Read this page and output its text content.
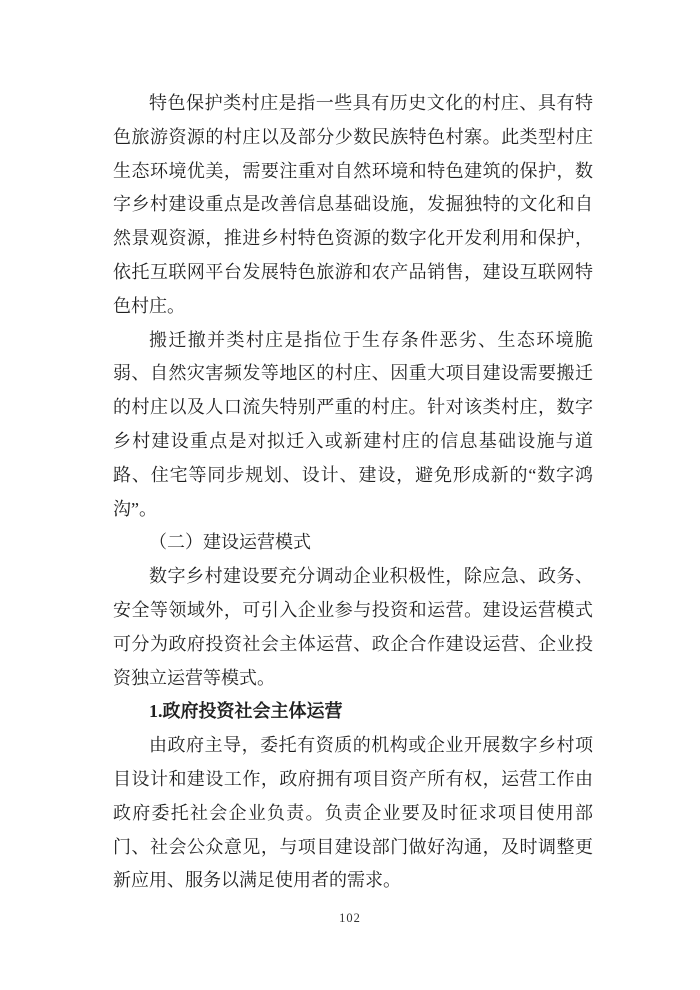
特色保护类村庄是指一些具有历史文化的村庄、具有特
色旅游资源的村庄以及部分少数民族特色村寨。此类型村庄
生态环境优美，需要注重对自然环境和特色建筑的保护，数
字乡村建设重点是改善信息基础设施，发掘独特的文化和自
然景观资源，推进乡村特色资源的数字化开发利用和保护，
依托互联网平台发展特色旅游和农产品销售，建设互联网特
色村庄。
搬迁撤并类村庄是指位于生存条件恶劣、生态环境脆
弱、自然灾害频发等地区的村庄、因重大项目建设需要搬迁
的村庄以及人口流失特别严重的村庄。针对该类村庄，数字
乡村建设重点是对拟迁入或新建村庄的信息基础设施与道
路、住宅等同步规划、设计、建设，避免形成新的“数字鸿
沟”。
（二）建设运营模式
数字乡村建设要充分调动企业积极性，除应急、政务、
安全等领域外，可引入企业参与投资和运营。建设运营模式
可分为政府投资社会主体运营、政企合作建设运营、企业投
资独立运营等模式。
1.政府投资社会主体运营
由政府主导，委托有资质的机构或企业开展数字乡村项
目设计和建设工作，政府拥有项目资产所有权，运营工作由
政府委托社会企业负责。负责企业要及时征求项目使用部
门、社会公众意见，与项目建设部门做好沟通，及时调整更
新应用、服务以满足使用者的需求。
102
